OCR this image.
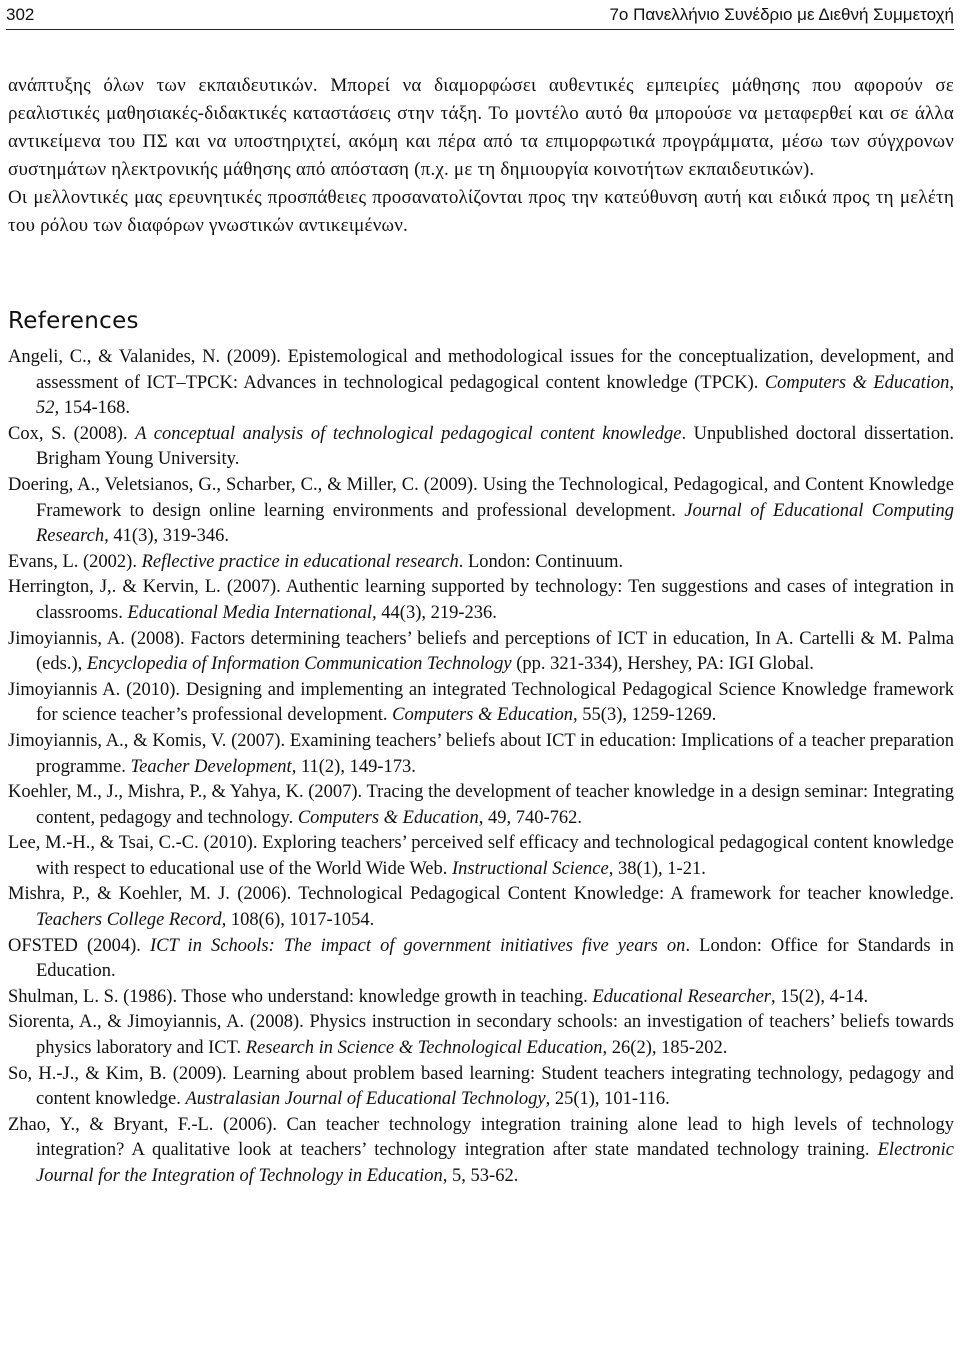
302	7ο Πανελλήνιο Συνέδριο με Διεθνή Συμμετοχή

ανάπτυξης όλων των εκπαιδευτικών. Μπορεί να διαμορφώσει αυθεντικές εμπειρίες μάθησης που αφορούν σε ρεαλιστικές μαθησιακές-διδακτικές καταστάσεις στην τάξη. Το μοντέλο αυτό θα μπορούσε να μεταφερθεί και σε άλλα αντικείμενα του ΠΣ και να υποστηριχτεί, ακόμη και πέρα από τα επιμορφωτικά προγράμματα, μέσω των σύγχρονων συστημάτων ηλεκτρονικής μάθησης από απόσταση (π.χ. με τη δημιουργία κοινοτήτων εκπαιδευτικών).

Οι μελλοντικές μας ερευνητικές προσπάθειες προσανατολίζονται προς την κατεύθυνση αυτή και ειδικά προς τη μελέτη του ρόλου των διαφόρων γνωστικών αντικειμένων.

References

Angeli, C., & Valanides, N. (2009). Epistemological and methodological issues for the conceptualization, development, and assessment of ICT–TPCK: Advances in technological pedagogical content knowledge (TPCK). Computers & Education, 52, 154-168.

Cox, S. (2008). A conceptual analysis of technological pedagogical content knowledge. Unpublished doctoral dissertation. Brigham Young University.

Doering, A., Veletsianos, G., Scharber, C., & Miller, C. (2009). Using the Technological, Pedagogical, and Content Knowledge Framework to design online learning environments and professional development. Journal of Educational Computing Research, 41(3), 319-346.

Evans, L. (2002). Reflective practice in educational research. London: Continuum.

Herrington, J,. & Kervin, L. (2007). Authentic learning supported by technology: Ten suggestions and cases of integration in classrooms. Educational Media International, 44(3), 219-236.

Jimoyiannis, A. (2008). Factors determining teachers’ beliefs and perceptions of ICT in education, In A. Cartelli & M. Palma (eds.), Encyclopedia of Information Communication Technology (pp. 321-334), Hershey, PA: IGI Global.

Jimoyiannis A. (2010). Designing and implementing an integrated Technological Pedagogical Science Knowledge framework for science teacher’s professional development. Computers & Education, 55(3), 1259-1269.

Jimoyiannis, A., & Komis, V. (2007). Examining teachers’ beliefs about ICT in education: Implications of a teacher preparation programme. Teacher Development, 11(2), 149-173.

Koehler, M., J., Mishra, P., & Yahya, K. (2007). Tracing the development of teacher knowledge in a design seminar: Integrating content, pedagogy and technology. Computers & Education, 49, 740-762.

Lee, M.-H., & Tsai, C.-C. (2010). Exploring teachers’ perceived self efficacy and technological pedagogical content knowledge with respect to educational use of the World Wide Web. Instructional Science, 38(1), 1-21.

Mishra, P., & Koehler, M. J. (2006). Technological Pedagogical Content Knowledge: A framework for teacher knowledge. Teachers College Record, 108(6), 1017-1054.

OFSTED (2004). ICT in Schools: The impact of government initiatives five years on. London: Office for Standards in Education.

Shulman, L. S. (1986). Those who understand: knowledge growth in teaching. Educational Researcher, 15(2), 4-14.

Siorenta, A., & Jimoyiannis, A. (2008). Physics instruction in secondary schools: an investigation of teachers’ beliefs towards physics laboratory and ICT. Research in Science & Technological Education, 26(2), 185-202.

So, H.-J., & Kim, B. (2009). Learning about problem based learning: Student teachers integrating technology, pedagogy and content knowledge. Australasian Journal of Educational Technology, 25(1), 101-116.

Zhao, Y., & Bryant, F.-L. (2006). Can teacher technology integration training alone lead to high levels of technology integration? A qualitative look at teachers’ technology integration after state mandated technology training. Electronic Journal for the Integration of Technology in Education, 5, 53-62.
